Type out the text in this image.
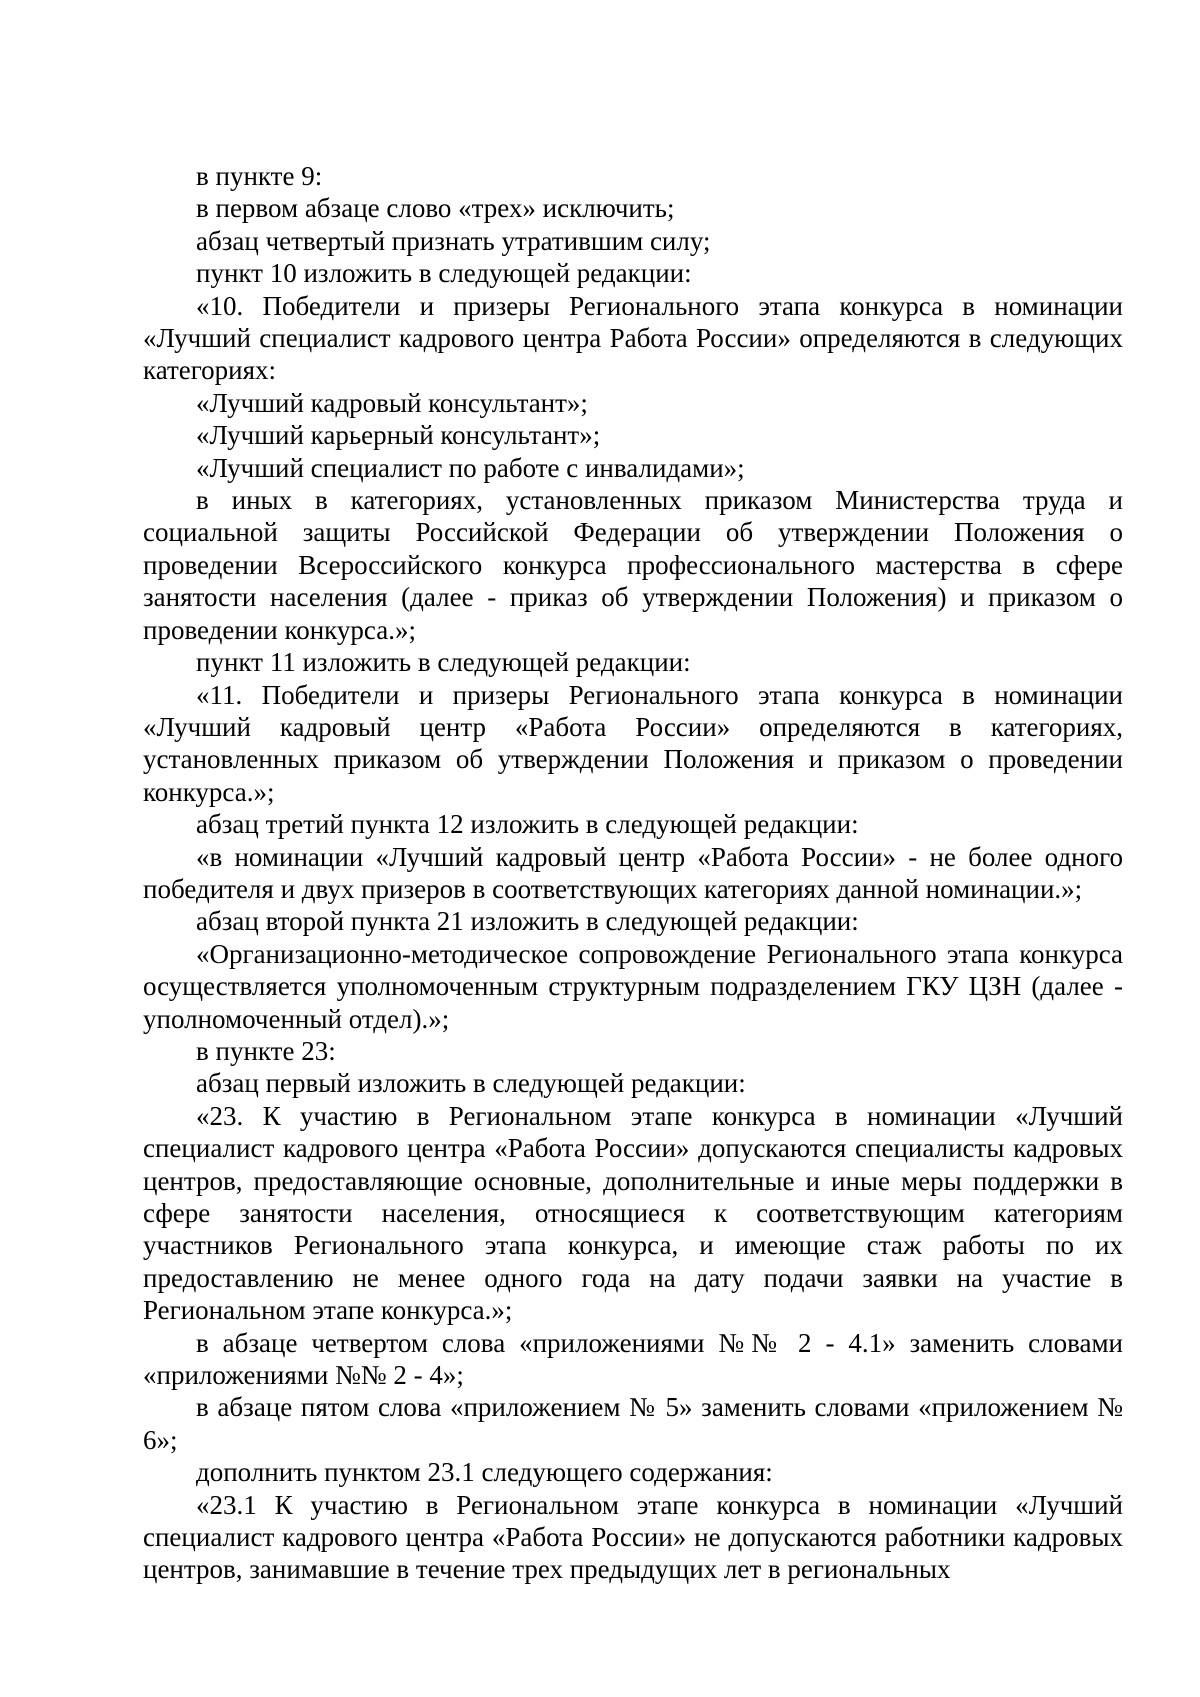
в пункте 9:

в первом абзаце слово «трех» исключить;

абзац четвертый признать утратившим силу;

пункт 10 изложить в следующей редакции:

«10. Победители и призеры Регионального этапа конкурса в номинации «Лучший специалист кадрового центра Работа России» определяются в следующих категориях:

«Лучший кадровый консультант»;

«Лучший карьерный консультант»;

«Лучший специалист по работе с инвалидами»;

в иных в категориях, установленных приказом Министерства труда и социальной защиты Российской Федерации об утверждении Положения о проведении Всероссийского конкурса профессионального мастерства в сфере занятости населения (далее - приказ об утверждении Положения) и приказом о проведении конкурса.»;

пункт 11 изложить в следующей редакции:

«11. Победители и призеры Регионального этапа конкурса в номинации «Лучший кадровый центр «Работа России» определяются в категориях, установленных приказом об утверждении Положения и приказом о проведении конкурса.»;

абзац третий пункта 12 изложить в следующей редакции:

«в номинации «Лучший кадровый центр «Работа России» - не более одного победителя и двух призеров в соответствующих категориях данной номинации.»;

абзац второй пункта 21 изложить в следующей редакции:

«Организационно-методическое сопровождение Регионального этапа конкурса осуществляется уполномоченным структурным подразделением ГКУ ЦЗН (далее - уполномоченный отдел).»;

в пункте 23:

абзац первый изложить в следующей редакции:

«23. К участию в Региональном этапе конкурса в номинации «Лучший специалист кадрового центра «Работа России» допускаются специалисты кадровых центров, предоставляющие основные, дополнительные и иные меры поддержки в сфере занятости населения, относящиеся к соответствующим категориям участников Регионального этапа конкурса, и имеющие стаж работы по их предоставлению не менее одного года на дату подачи заявки на участие в Региональном этапе конкурса.»;

в абзаце четвертом слова «приложениями №№ 2 - 4.1» заменить словами «приложениями №№ 2 - 4»;

в абзаце пятом слова «приложением № 5» заменить словами «приложением № 6»;

дополнить пунктом 23.1 следующего содержания:

«23.1 К участию в Региональном этапе конкурса в номинации «Лучший специалист кадрового центра «Работа России» не допускаются работники кадровых центров, занимавшие в течение трех предыдущих лет в региональных
